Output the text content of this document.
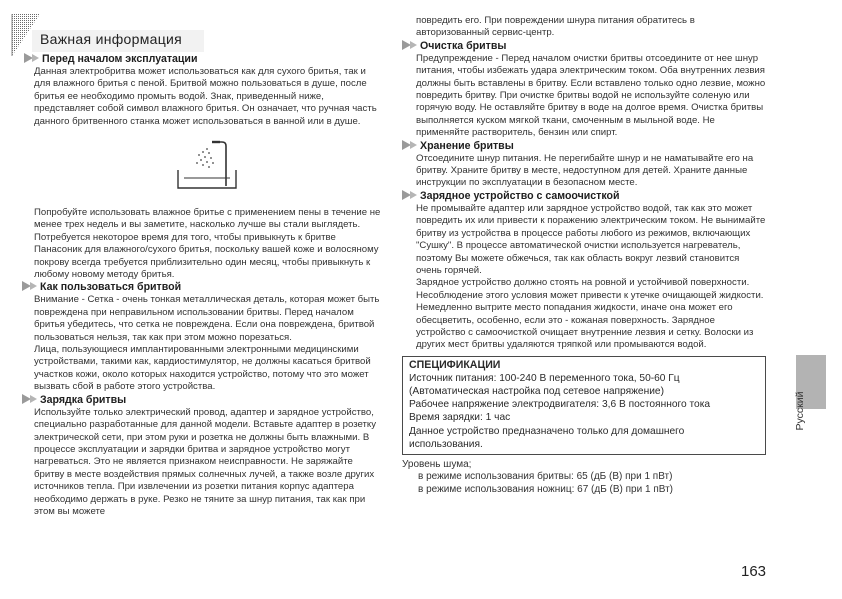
Важная информация
Перед началом эксплуатации

Данная электробритва может использоваться как для сухого бритья, так и для влажного бритья с пеной. Бритвой можно пользоваться в душе, после бритья ее необходимо промыть водой. Знак, приведенный ниже, представляет собой символ влажного бритья. Он означает, что ручная часть данного бритвенного станка может использоваться в ванной или в душе.

Попробуйте использовать влажное бритье с применением пены в течение не менее трех недель и вы заметите, насколько лучше вы стали выглядеть. Потребуется некоторое время для того, чтобы привыкнуть к бритве Панасоник для влажного/сухого бритья, поскольку вашей коже и волосяному покрову всегда требуется приблизительно один месяц, чтобы привыкнуть к любому новому методу бритья.

Как пользоваться бритвой

Внимание - Сетка - очень тонкая металлическая деталь, которая может быть повреждена при неправильном использовании бритвы. Перед началом бритья убедитесь, что сетка не повреждена. Если она повреждена, бритвой пользоваться нельзя, так как при этом можно порезаться.

Лица, пользующиеся имплантированными электронными медицинскими устройствами, такими как, кардиостимулятор, не должны касаться бритвой участков кожи, около которых находится устройство, потому что это может вызвать сбой в работе этого устройства.

Зарядка бритвы

Используйте только электрический провод, адаптер и зарядное устройство, специально разработанные для данной модели. Вставьте адаптер в розетку электрической сети, при этом руки и розетка не должны быть влажными. В процессе эксплуатации и зарядки бритва и зарядное устройство могут нагреваться. Это не является признаком неисправности. Не заряжайте бритву в месте воздействия прямых солнечных лучей, а также возле других источников тепла. При извлечении из розетки питания корпус адаптера необходимо держать в руке. Резко не тяните за шнур питания, так как при этом вы можете

повредить его. При повреждении шнура питания обратитесь в авторизованный сервис-центр.

Очистка бритвы

Предупреждение - Перед началом очистки бритвы отсоедините от нее шнур питания, чтобы избежать удара электрическим током. Оба внутренних лезвия должны быть вставлены в бритву. Если вставлено только одно лезвие, можно повредить бритву. При очистке бритвы водой не используйте соленую или горячую воду. Не оставляйте бритву в воде на долгое время. Очистка бритвы выполняется куском мягкой ткани, смоченным в мыльной воде. Не применяйте растворитель, бензин или спирт.

Хранение бритвы

Отсоедините шнур питания. Не перегибайте шнур и не наматывайте его на бритву. Храните бритву в месте, недоступном для детей. Храните данные инструкции по эксплуатации в безопасном месте.

Зарядное устройство с самоочисткой

Не промывайте адаптер или зарядное устройство водой, так как это может повредить их или привести к поражению электрическим током. Не вынимайте бритву из устройства в процессе работы любого из режимов, включающих "Сушку". В процессе автоматической очистки используется нагреватель, поэтому Вы можете обжечься, так как область вокруг лезвий становится очень горячей.

Зарядное устройство должно стоять на ровной и устойчивой поверхности. Несоблюдение этого условия может привести к утечке очищающей жидкости. Немедленно вытрите место попадания жидкости, иначе она может его обесцветить, особенно, если это - кожаная поверхность. Зарядное устройство с самоочисткой очищает внутренние лезвия и сетку. Волоски из других мест бритвы удаляются тряпкой или промываются водой.

СПЕЦИФИКАЦИИ
Источник питания: 100-240 В переменного тока, 50-60 Гц
(Автоматическая настройка под сетевое напряжение)
Рабочее напряжение электродвигателя: 3,6 В постоянного тока
Время зарядки: 1 час
Данное устройство предназначено только для домашнего
использования.
Уровень шума;
в режиме использования бритвы: 65 (дБ (В) при 1 пВт)
в режиме использования ножниц: 67 (дБ (В) при 1 пВт)
Русский
163
